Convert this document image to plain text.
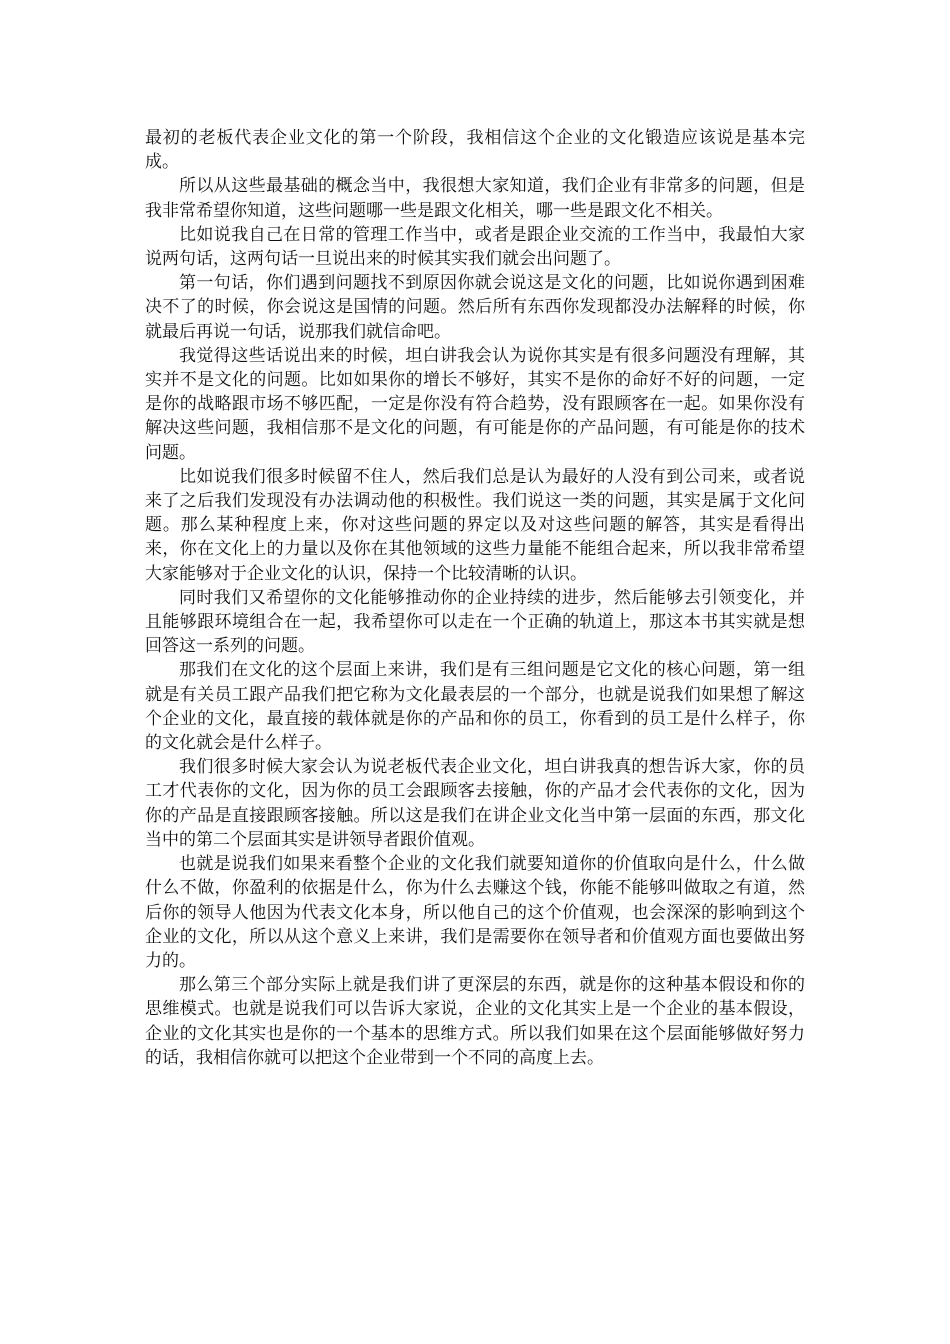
最初的老板代表企业文化的第一个阶段，我相信这个企业的文化锻造应该说是基本完成。

所以从这些最基础的概念当中，我很想大家知道，我们企业有非常多的问题，但是我非常希望你知道，这些问题哪一些是跟文化相关，哪一些是跟文化不相关。

比如说我自己在日常的管理工作当中，或者是跟企业交流的工作当中，我最怕大家说两句话，这两句话一旦说出来的时候其实我们就会出问题了。

第一句话，你们遇到问题找不到原因你就会说这是文化的问题，比如说你遇到困难决不了的时候，你会说这是国情的问题。然后所有东西你发现都没办法解释的时候，你就最后再说一句话，说那我们就信命吧。

我觉得这些话说出来的时候，坦白讲我会认为说你其实是有很多问题没有理解，其实并不是文化的问题。比如如果你的增长不够好，其实不是你的命好不好的问题，一定是你的战略跟市场不够匹配，一定是你没有符合趋势，没有跟顾客在一起。如果你没有解决这些问题，我相信那不是文化的问题，有可能是你的产品问题，有可能是你的技术问题。

比如说我们很多时候留不住人，然后我们总是认为最好的人没有到公司来，或者说来了之后我们发现没有办法调动他的积极性。我们说这一类的问题，其实是属于文化问题。那么某种程度上来，你对这些问题的界定以及对这些问题的解答，其实是看得出来，你在文化上的力量以及你在其他领域的这些力量能不能组合起来，所以我非常希望大家能够对于企业文化的认识，保持一个比较清晰的认识。

同时我们又希望你的文化能够推动你的企业持续的进步，然后能够去引领变化，并且能够跟环境组合在一起，我希望你可以走在一个正确的轨道上，那这本书其实就是想回答这一系列的问题。

那我们在文化的这个层面上来讲，我们是有三组问题是它文化的核心问题，第一组就是有关员工跟产品我们把它称为文化最表层的一个部分，也就是说我们如果想了解这个企业的文化，最直接的载体就是你的产品和你的员工，你看到的员工是什么样子，你的文化就会是什么样子。

我们很多时候大家会认为说老板代表企业文化，坦白讲我真的想告诉大家，你的员工才代表你的文化，因为你的员工会跟顾客去接触，你的产品才会代表你的文化，因为你的产品是直接跟顾客接触。所以这是我们在讲企业文化当中第一层面的东西，那文化当中的第二个层面其实是讲领导者跟价值观。

也就是说我们如果来看整个企业的文化我们就要知道你的价值取向是什么，什么做什么不做，你盈利的依据是什么，你为什么去赚这个钱，你能不能够叫做取之有道，然后你的领导人他因为代表文化本身，所以他自己的这个价值观，也会深深的影响到这个企业的文化，所以从这个意义上来讲，我们是需要你在领导者和价值观方面也要做出努力的。

那么第三个部分实际上就是我们讲了更深层的东西，就是你的这种基本假设和你的思维模式。也就是说我们可以告诉大家说，企业的文化其实上是一个企业的基本假设，企业的文化其实也是你的一个基本的思维方式。所以我们如果在这个层面能够做好努力的话，我相信你就可以把这个企业带到一个不同的高度上去。
